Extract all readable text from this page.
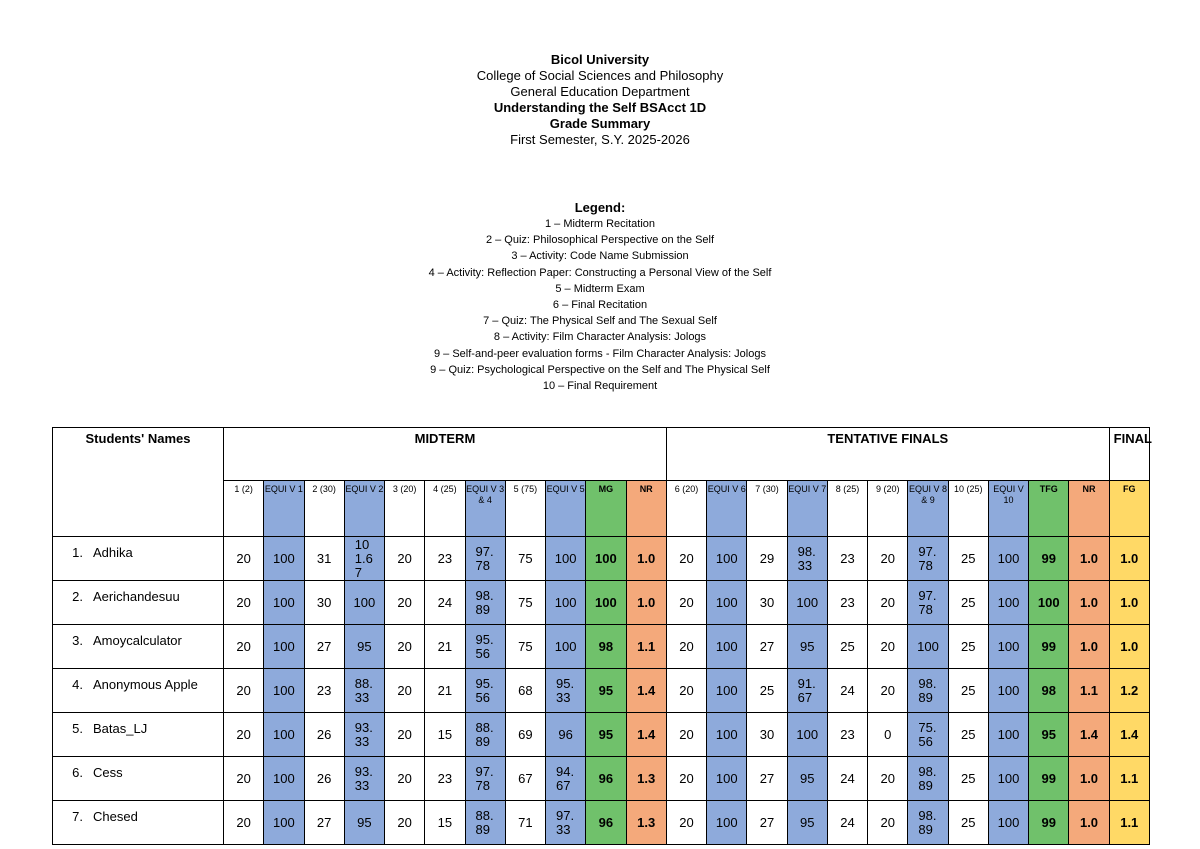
Bicol University
College of Social Sciences and Philosophy
General Education Department
Understanding the Self BSAcct 1D
Grade Summary
First Semester, S.Y. 2025-2026
Legend:
1 – Midterm Recitation
2 – Quiz: Philosophical Perspective on the Self
3 – Activity: Code Name Submission
4 – Activity: Reflection Paper: Constructing a Personal View of the Self
5 – Midterm Exam
6 – Final Recitation
7 – Quiz: The Physical Self and The Sexual Self
8 – Activity: Film Character Analysis: Jologs
9 – Self-and-peer evaluation forms - Film Character Analysis: Jologs
9 – Quiz: Psychological Perspective on the Self and The Physical Self
10 – Final Requirement
Students' Names	MIDTERM											TENTATIVE FINALS											FINAL
	1 (2)	EQUI V 1	2 (30)	EQUI V 2	3 (20)	4 (25)	EQUI V 3 & 4	5 (75)	EQUI V 5	MG	NR	6 (20)	EQUI V 6	7 (30)	EQUI V 7	8 (25)	9 (20)	EQUI V 8 & 9	10 (25)	EQUI V 10	TFG	NR	FG
1. Adhika	20	100	31	101.67	20	23	97.78	75	100	100	1.0	20	100	29	98.33	23	20	97.78	25	100	99	1.0	1.0
2. Aerichandesuu	20	100	30	100	20	24	98.89	75	100	100	1.0	20	100	30	100	23	20	97.78	25	100	100	1.0	1.0
3. Amoycalculator	20	100	27	95	20	21	95.56	75	100	98	1.1	20	100	27	95	25	20	100	25	100	99	1.0	1.0
4. Anonymous Apple	20	100	23	88.33	20	21	95.56	68	95.33	95	1.4	20	100	25	91.67	24	20	98.89	25	100	98	1.1	1.2
5. Batas_LJ	20	100	26	93.33	20	15	88.89	69	96	95	1.4	20	100	30	100	23	0	75.56	25	100	95	1.4	1.4
6. Cess	20	100	26	93.33	20	23	97.78	67	94.67	96	1.3	20	100	27	95	24	20	98.89	25	100	99	1.0	1.1
7. Chesed	20	100	27	95	20	15	88.89	71	97.33	96	1.3	20	100	27	95	24	20	98.89	25	100	99	1.0	1.1
